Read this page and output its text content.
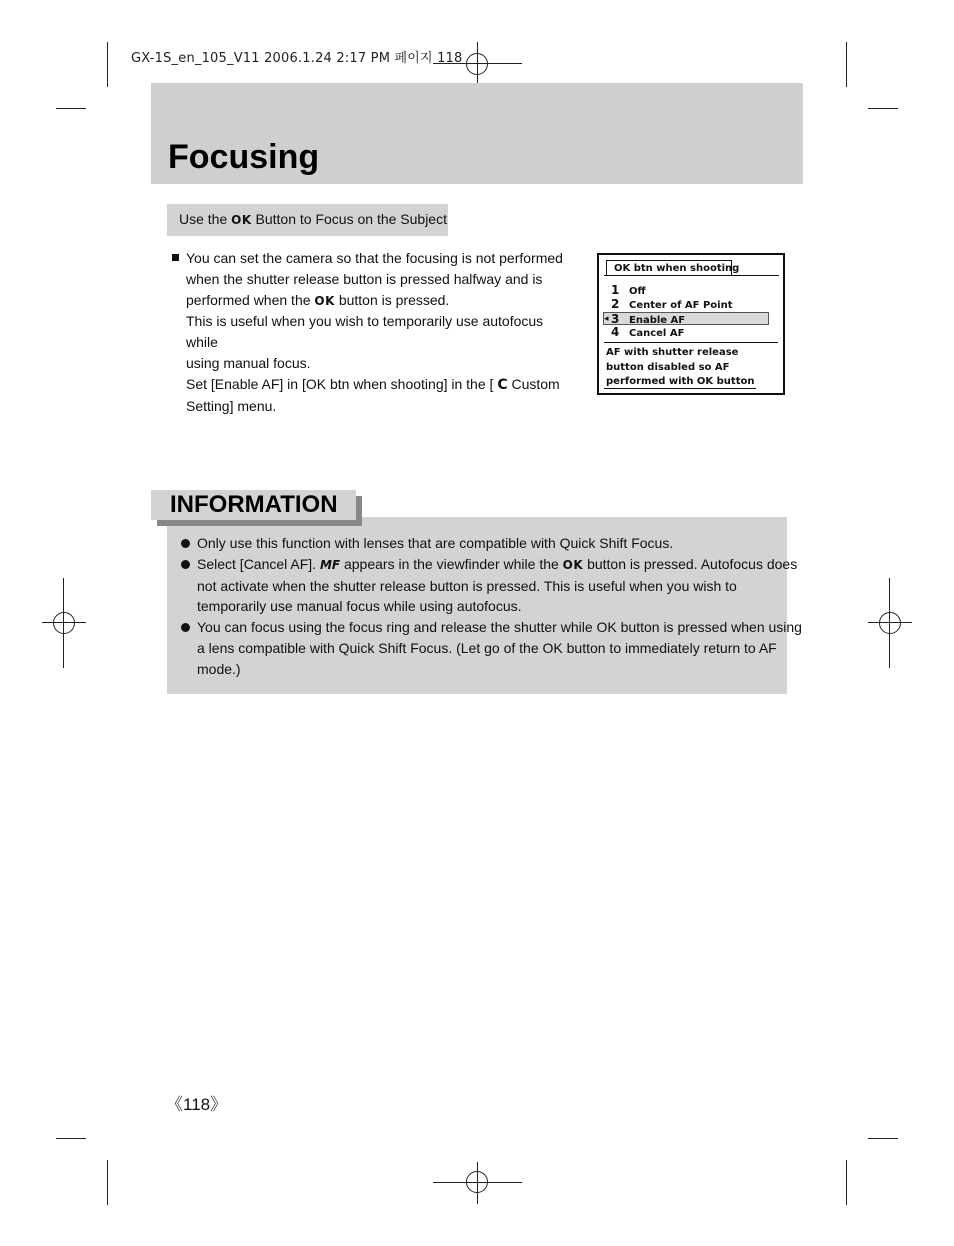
GX-1S_en_105_V11 2006.1.24 2:17 PM 페이지 118
Focusing
Use the OK Button to Focus on the Subject
You can set the camera so that the focusing is not performed
when the shutter release button is pressed halfway and is
performed when the OK button is pressed.
This is useful when you wish to temporarily use autofocus while
using manual focus.
Set [Enable AF] in [OK btn when shooting] in the [ C Custom
Setting] menu.
OK btn when shooting
1 Off
2 Center of AF Point
◂ 3 Enable AF
4 Cancel AF
AF with shutter release
button disabled so AF
performed with OK button
INFORMATION
Only use this function with lenses that are compatible with Quick Shift Focus.
Select [Cancel AF]. MF appears in the viewfinder while the OK button is pressed. Autofocus does
not activate when the shutter release button is pressed. This is useful when you wish to
temporarily use manual focus while using autofocus.
You can focus using the focus ring and release the shutter while OK button is pressed when using
a lens compatible with Quick Shift Focus. (Let go of the OK button to immediately return to AF
mode.)
《118》
